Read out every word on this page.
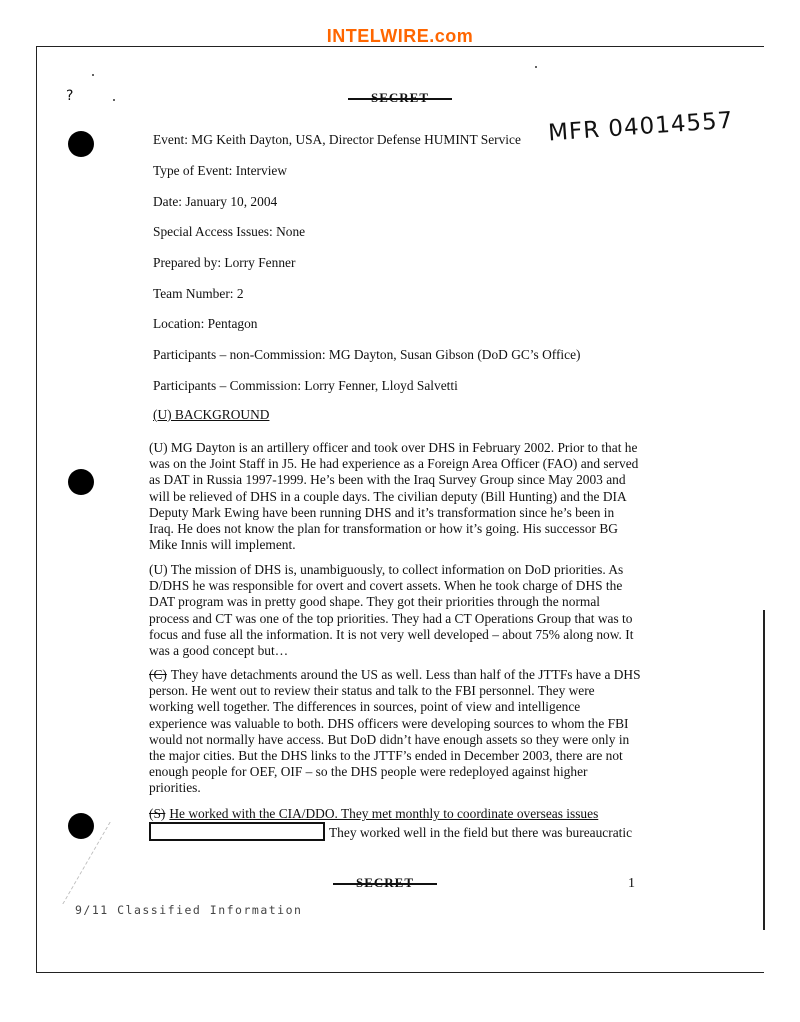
INTELWIRE.com
?	SECRET
MFR 04014557
Event: MG Keith Dayton, USA, Director Defense HUMINT Service
Type of Event: Interview
Date: January 10, 2004
Special Access Issues: None
Prepared by: Lorry Fenner
Team Number: 2
Location: Pentagon
Participants – non-Commission: MG Dayton, Susan Gibson (DoD GC’s Office)
Participants – Commission: Lorry Fenner, Lloyd Salvetti
(U) BACKGROUND
(U) MG Dayton is an artillery officer and took over DHS in February 2002. Prior to that he was on the Joint Staff in J5. He had experience as a Foreign Area Officer (FAO) and served as DAT in Russia 1997-1999. He’s been with the Iraq Survey Group since May 2003 and will be relieved of DHS in a couple days. The civilian deputy (Bill Hunting) and the DIA Deputy Mark Ewing have been running DHS and it’s transformation since he’s been in Iraq. He does not know the plan for transformation or how it’s going. His successor BG Mike Innis will implement.
(U) The mission of DHS is, unambiguously, to collect information on DoD priorities. As D/DHS he was responsible for overt and covert assets. When he took charge of DHS the DAT program was in pretty good shape. They got their priorities through the normal process and CT was one of the top priorities. They had a CT Operations Group that was to focus and fuse all the information. It is not very well developed – about 75% along now. It was a good concept but…
(C) They have detachments around the US as well. Less than half of the JTTFs have a DHS person. He went out to review their status and talk to the FBI personnel. They were working well together. The differences in sources, point of view and intelligence experience was valuable to both. DHS officers were developing sources to whom the FBI would not normally have access. But DoD didn’t have enough assets so they were only in the major cities. But the DHS links to the JTTF’s ended in December 2003, there are not enough people for OEF, OIF – so the DHS people were redeployed against higher priorities.
(S) He worked with the CIA/DDO. They met monthly to coordinate overseas issues
They worked well in the field but there was bureaucratic
SECRET	1
9/11 Classified Information
